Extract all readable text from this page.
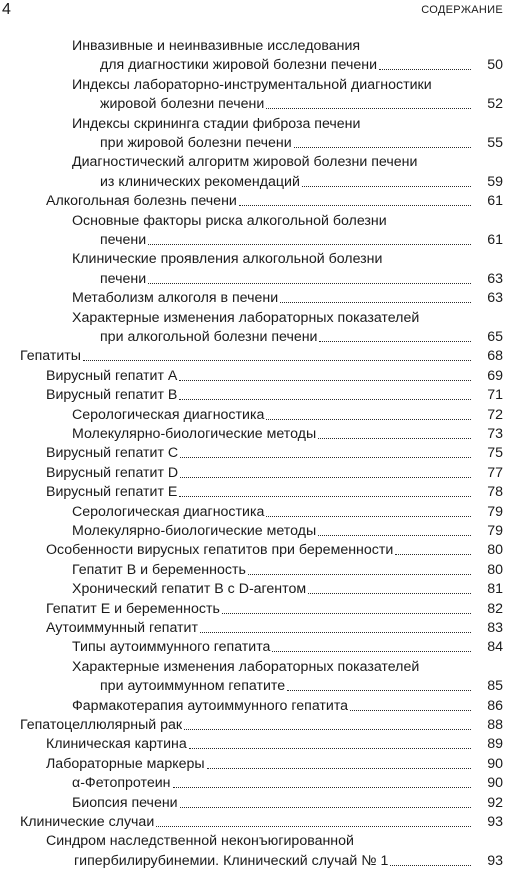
4	СОДЕРЖАНИЕ
Инвазивные и неинвазивные исследования
50
для диагностики жировой болезни печени
Индексы лабораторно-инструментальной диагностики
52
жировой болезни печени
Индексы скрининга стадии фиброза печени
55
при жировой болезни печени
Диагностический алгоритм жировой болезни печени
59
из клинических рекомендаций
61
Алкогольная болезнь печени
Основные факторы риска алкогольной болезни
61
печени
Клинические проявления алкогольной болезни
63
печени
63
Метаболизм алкоголя в печени
Характерные изменения лабораторных показателей
65
при алкогольной болезни печени
68
Гепатиты
69
Вирусный гепатит A
71
Вирусный гепатит B
72
Серологическая диагностика
73
Молекулярно-биологические методы
75
Вирусный гепатит C
77
Вирусный гепатит D
78
Вирусный гепатит E
79
Серологическая диагностика
79
Молекулярно-биологические методы
80
Особенности вирусных гепатитов при беременности
80
Гепатит B и беременность
81
Хронический гепатит B с D-агентом
82
Гепатит E и беременность
83
Аутоиммунный гепатит
84
Типы аутоиммунного гепатита
Характерные изменения лабораторных показателей
85
при аутоиммунном гепатите
86
Фармакотерапия аутоиммунного гепатита
88
Гепатоцеллюлярный рак
89
Клиническая картина
90
Лабораторные маркеры
90
α-Фетопротеин
92
Биопсия печени
93
Клинические случаи
Синдром наследственной неконъюгированной
93
гипербилирубинемии. Клинический случай № 1
